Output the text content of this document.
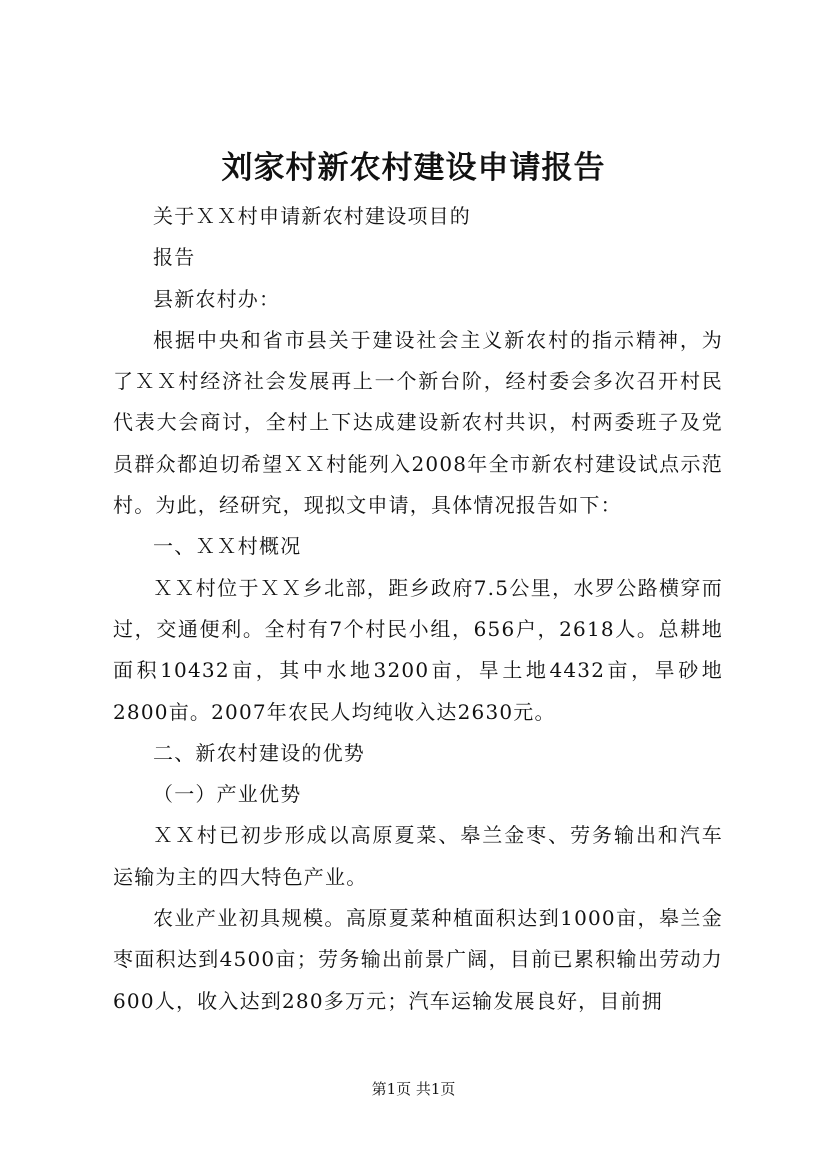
刘家村新农村建设申请报告

关于ＸＸ村申请新农村建设项目的

报告

县新农村办：

根据中央和省市县关于建设社会主义新农村的指示精神，为了ＸＸ村经济社会发展再上一个新台阶，经村委会多次召开村民代表大会商讨，全村上下达成建设新农村共识，村两委班子及党员群众都迫切希望ＸＸ村能列入2008年全市新农村建设试点示范村。为此，经研究，现拟文申请，具体情况报告如下：

一、ＸＸ村概况

ＸＸ村位于ＸＸ乡北部，距乡政府7.5公里，水罗公路横穿而过，交通便利。全村有7个村民小组，656户，2618人。总耕地面积10432亩，其中水地3200亩，旱土地4432亩，旱砂地2800亩。2007年农民人均纯收入达2630元。

二、新农村建设的优势

（一）产业优势

ＸＸ村已初步形成以高原夏菜、皋兰金枣、劳务输出和汽车运输为主的四大特色产业。

农业产业初具规模。高原夏菜种植面积达到1000亩，皋兰金枣面积达到4500亩；劳务输出前景广阔，目前已累积输出劳动力600人，收入达到280多万元；汽车运输发展良好，目前拥

第1页 共1页
